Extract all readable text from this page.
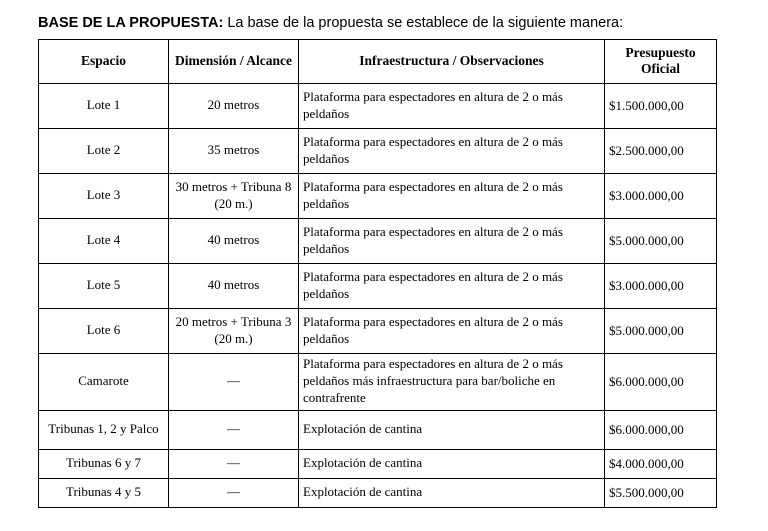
BASE DE LA PROPUESTA: La base de la propuesta se establece de la siguiente manera:

Espacio	Dimensión / Alcance	Infraestructura / Observaciones	Presupuesto Oficial
Lote 1	20 metros	Plataforma para espectadores en altura de 2 o más peldaños	$1.500.000,00
Lote 2	35 metros	Plataforma para espectadores en altura de 2 o más peldaños	$2.500.000,00
Lote 3	30 metros + Tribuna 8 (20 m.)	Plataforma para espectadores en altura de 2 o más peldaños	$3.000.000,00
Lote 4	40 metros	Plataforma para espectadores en altura de 2 o más peldaños	$5.000.000,00
Lote 5	40 metros	Plataforma para espectadores en altura de 2 o más peldaños	$3.000.000,00
Lote 6	20 metros + Tribuna 3 (20 m.)	Plataforma para espectadores en altura de 2 o más peldaños	$5.000.000,00
Camarote	—	Plataforma para espectadores en altura de 2 o más peldaños más infraestructura para bar/boliche en contrafrente	$6.000.000,00
Tribunas 1, 2 y Palco	—	Explotación de cantina	$6.000.000,00
Tribunas 6 y 7	—	Explotación de cantina	$4.000.000,00
Tribunas 4 y 5	—	Explotación de cantina	$5.500.000,00
